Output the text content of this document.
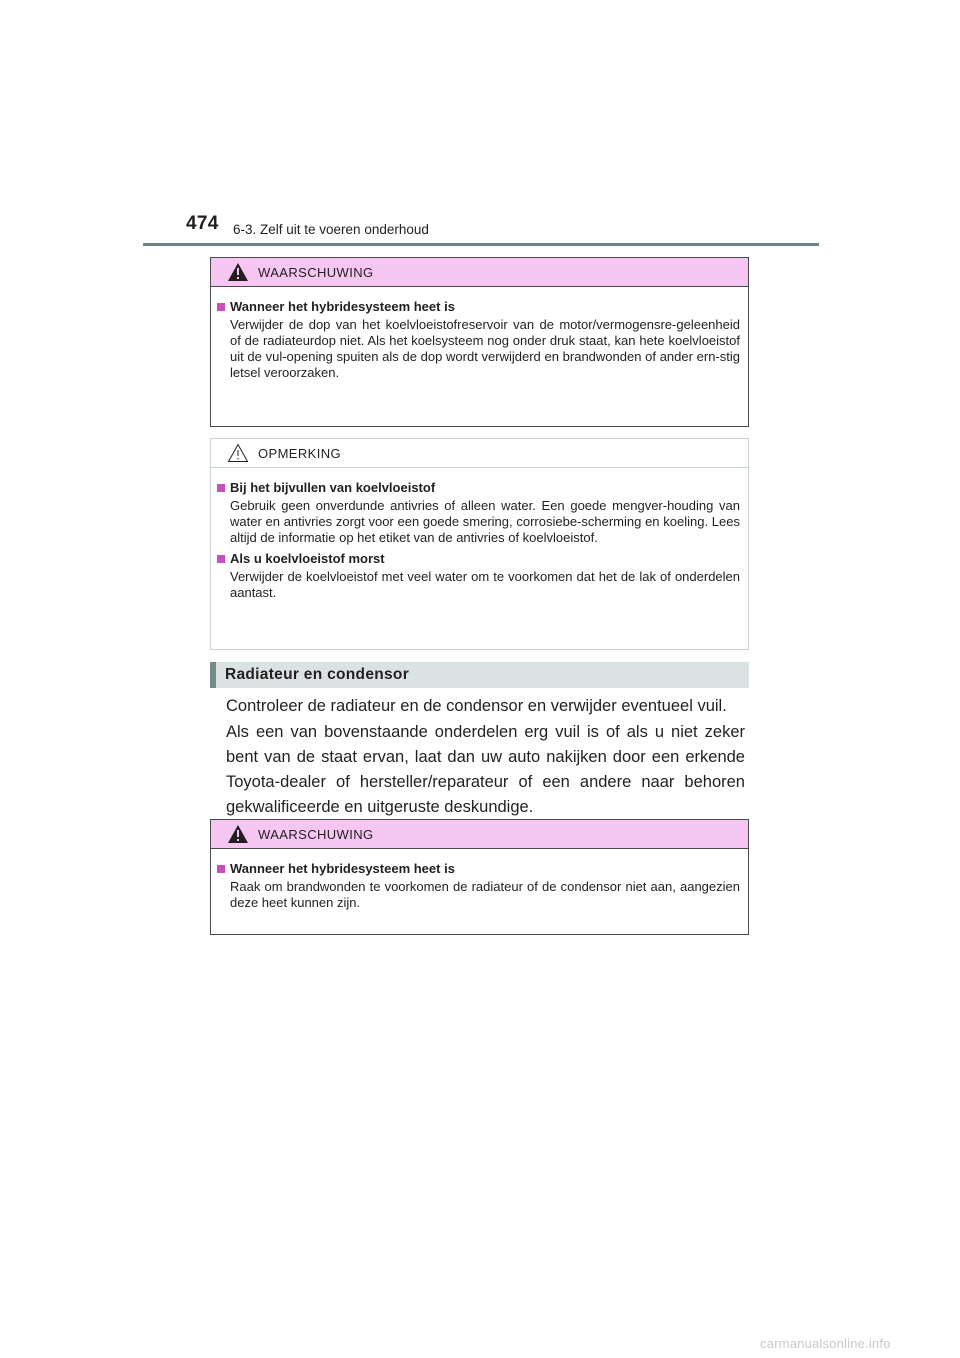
474 6-3. Zelf uit te voeren onderhoud
WAARSCHUWING
Wanneer het hybridesysteem heet is
Verwijder de dop van het koelvloeistofreservoir van de motor/vermogensre-geleenheid of de radiateurdop niet. Als het koelsysteem nog onder druk staat, kan hete koelvloeistof uit de vul-opening spuiten als de dop wordt verwijderd en brandwonden of ander ern-stig letsel veroorzaken.
OPMERKING
Bij het bijvullen van koelvloeistof
Gebruik geen onverdunde antivries of alleen water. Een goede mengver-houding van water en antivries zorgt voor een goede smering, corrosiebe-scherming en koeling. Lees altijd de informatie op het etiket van de antivries of koelvloeistof.
Als u koelvloeistof morst
Verwijder de koelvloeistof met veel water om te voorkomen dat het de lak of onderdelen aantast.
Radiateur en condensor
Controleer de radiateur en de condensor en verwijder eventueel vuil.
Als een van bovenstaande onderdelen erg vuil is of als u niet zeker bent van de staat ervan, laat dan uw auto nakijken door een erkende Toyota-dealer of hersteller/reparateur of een andere naar behoren gekwalificeerde en uitgeruste deskundige.
WAARSCHUWING
Wanneer het hybridesysteem heet is
Raak om brandwonden te voorkomen de radiateur of de condensor niet aan, aangezien deze heet kunnen zijn.
carmanualsonline.info
